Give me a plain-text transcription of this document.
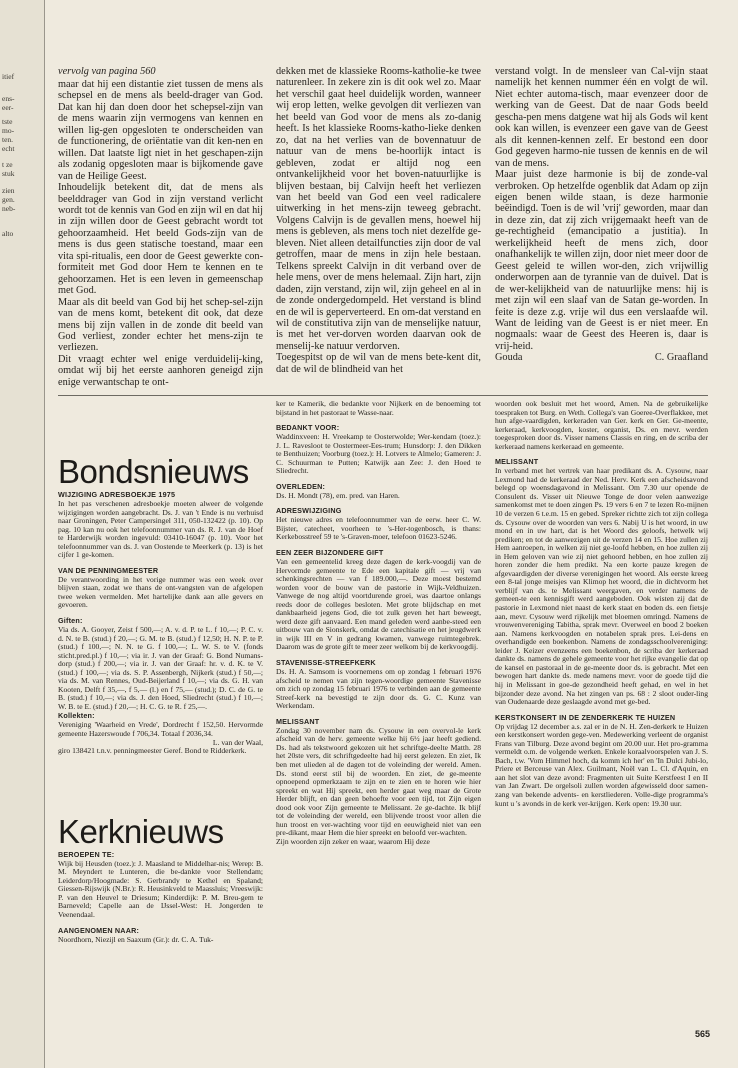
itief
ens-
eer-
tste
mo-
ten.
echt
t ze
stuk
zien
gen.
neb-
alto
vervolg van pagina 560

maar dat hij een distantie ziet tussen de mens als schepsel en de mens als beeld-drager van God. Dat kan hij dan doen door het schepsel-zijn van de mens waarin zijn vermogens van kennen en willen lig-gen opgesloten te onderscheiden van de functionering, de oriëntatie van dit ken-nen en willen. Dat laatste ligt niet in het geschapen-zijn als zodanig opgesloten maar is bijkomende gave van de Heilige Geest.

Inhoudelijk betekent dit, dat de mens als beelddrager van God in zijn verstand verlicht wordt tot de kennis van God en zijn wil en dat hij in zijn willen door de Geest gebracht wordt tot gehoorzaamheid. Het beeld Gods-zijn van de mens is dus geen statische toestand, maar een vita spi-ritualis, een door de Geest gewerkte con-formiteit met God door Hem te kennen en te gehoorzamen. Het is een leven in gemeenschap met God.

Maar als dit beeld van God bij het schep-sel-zijn van de mens komt, betekent dit ook, dat deze mens bij zijn vallen in de zonde dit beeld van God verliest, zonder echter het mens-zijn te verliezen.

Dit vraagt echter wel enige verduidelij-king, omdat wij bij het eerste aanhoren geneigd zijn enige verwantschap te ont-

dekken met de klassieke Rooms-katholie-ke twee naturenleer. In zekere zin is dit ook wel zo. Maar het verschil gaat heel duidelijk worden, wanneer wij erop letten, welke gevolgen dit verliezen van het beeld van God voor de mens als zo-danig heeft. Is het klassieke Rooms-katho-lieke denken zo, dat na het verlies van de bovennatuur de natuur van de mens be-hoorlijk intact is gebleven, zodat er altijd nog een ontvankelijkheid voor het boven-natuurlijke is blijven bestaan, bij Calvijn heeft het verliezen van het beeld van God een veel radicalere uitwerking in het mens-zijn teweeg gebracht. Volgens Calvijn is de gevallen mens, hoewel hij mens is gebleven, als mens toch niet dezelfde ge-bleven. Niet alleen detailfuncties zijn door de val getroffen, maar de mens in zijn hele bestaan. Telkens spreekt Calvijn in dit verband over de hele mens, over de mens helemaal. Zijn hart, zijn daden, zijn verstand, zijn wil, zijn geheel en al in de zonde ondergedompeld. Het verstand is blind en de wil is geperverteerd. En om-dat verstand en wil de constitutiva zijn van de menselijke natuur, is met het ver-dorven worden daarvan ook de menselij-ke natuur verdorven.

Toegespitst op de wil van de mens bete-kent dit, dat de wil de blindheid van het

verstand volgt. In de mensleer van Cal-vijn staat namelijk het kennen nummer één en volgt de wil. Niet echter automa-tisch, maar evenzeer door de werking van de Geest. Dat de naar Gods beeld gescha-pen mens datgene wat hij als Gods wil kent ook kan willen, is evenzeer een gave van de Geest als dit kennen-kennen zelf. Er bestond een door God gegeven harmo-nie tussen de kennis en de wil van de mens.

Maar juist deze harmonie is bij de zonde-val verbroken. Op hetzelfde ogenblik dat Adam op zijn eigen benen wilde staan, is deze harmonie beëindigd. Toen is de wil 'vrij' geworden, maar dan in deze zin, dat zij zich vrijgemaakt heeft van de ge-rechtigheid (emancipatio a justitia). In werkelijkheid heeft de mens zich, door onafhankelijk te willen zijn, door niet meer door de Geest geleid te willen wor-den, zich vrijwillig onderworpen aan de tyrannie van de duivel. Dat is de wer-kelijkheid van de natuurlijke mens: hij is met zijn wil een slaaf van de Satan ge-worden. In feite is deze z.g. vrije wil dus een verslaafde wil. Want de leiding van de Geest is er niet meer. En nogmaals: waar de Geest des Heeren is, daar is vrij-heid.

Gouda	C. Graafland
Bondsnieuws
WIJZIGING ADRESBOEKJE 1975

In het pas verschenen adresboekje moeten alweer de volgende wijzigingen worden aangebracht. Ds. J. van 't Ende is nu verhuisd naar Groningen, Peter Campersingel 311, 050-132422 (p. 10). Op pag. 10 kan nu ook het telefoonnummer van ds. R. J. van de Hoef te Harderwijk worden ingevuld: 03410-16047 (p. 10). Voor het telefoonnummer van ds. J. van Oostende te Meerkerk (p. 13) is het cijfer 1 ge-komen.

VAN DE PENNINGMEESTER

De verantwoording in het vorige nummer was een week over blijven staan, zodat we thans de ont-vangsten van de afgelopen twee weken vermelden. Met hartelijke dank aan alle gevers en gevoeren.

Giften:

Via ds. A. Gooyer, Zeist f 500,—; A. v. d. P. te L. f 10,—; P. C. v. d. N. te B. (stud.) f 20,—; G. M. te B. (stud.) f 12,50; H. N. P. te P. (stud.) f 100,—; N. N. te G. f 100,—; L. W. S. te V. (fonds sticht.pred.pl.) f 10,—; via ir. J. van der Graaf: G. Bond Numans-dorp (stud.) f 200,—; via ir. J. van der Graaf: hr. v. d. K. te V. (stud.) f 100,—; via ds. S. P. Assenbergh, Nijkerk (stud.) f 50,—; via ds. M. van Rennes, Oud-Beijerland f 10,—; via ds. G. H. van Kooten, Delft f 35,—, f 5,— (l.) en f 75,— (stud.); D. C. de G. te B. (stud.) f 10,—; via ds. J. den Hoed, Sliedrecht (stud.) f 10,—; W. B. te E. (stud.) f 20,—; H. C. G. te R. f 25,—.

Kollekten:

Vereniging 'Waarheid en Vrede', Dordrecht f 152,50. Hervormde gemeente Hazerswoude f 706,34. Totaal f 2036,34.

L. van der Waal,

giro 138421 t.n.v. penningmeester Geref. Bond te Ridderkerk.

Kerknieuws
BEROEPEN TE:

Wijk bij Heusden (toez.): J. Maasland te Middelhar-nis; Werep: B. M. Meyndert te Lunteren, die be-dankte voor Stellendam; Leiderdorp/Hoogmade: S. Gerbrandy te Kethel en Spaland; Giessen-Rijswijk (N.Br.): R. Heusinkveld te Maassluis; Vreeswijk: P. van den Heuvel te Driesum; Kinderdijk: P. M. Breu-gem te Barneveld; Capelle aan de IJssel-West: H. Jongerden te Veenendaal.

AANGENOMEN NAAR:

Noordhorn, Niezijl en Saaxum (Gr.): dr. C. A. Tuk-

ker te Kamerik, die bedankte voor Nijkerk en de benoeming tot bijstand in het pastoraat te Wasse-naar.

BEDANKT VOOR:

Waddinxveen: H. Vreekamp te Oosterwolde; Wer-kendam (toez.): J. L. Ravesloot te Oostermeer-Ees-trum; Hunsdorp: J. den Dikken te Benthuizen; Voorburg (toez.): H. Lotvers te Almelo; Gameren: J. C. Schuurman te Putten; Katwijk aan Zee: J. den Hoed te Sliedrecht.

OVERLEDEN:

Ds. H. Mondt (78), em. pred. van Haren.

ADRESWIJZIGING

Het nieuwe adres en telefoonnummer van de eerw. heer C. W. Bijster, catecheet, voorheen te 's-Her-togenbosch, is thans: Kerkebosstreef 59 te 's-Graven-moer, telefoon 01623-5246.

EEN ZEER BIJZONDERE GIFT

Van een gemeentelid kreeg deze dagen de kerk-voogdij van de Hervormde gemeente te Ede een kapitale gift — vrij van schenkingsrechten — van f 189.000,—. Deze moest bestemd worden voor de bouw van de pastorie in Wijk-Veldhuizen. Vanwege de nog altijd voortdurende groei, was daartoe onlangs reeds door de colleges besloten. Met grote blijdschap en met dankbaarheid jegens God, die tot zulk geven het hart beweegt, werd deze gift aanvaard. Een mand geleden werd aanbe-steed een uitbouw van de Sionskerk, omdat de catechisatie en het jeugdwerk in wijk III en V in gedrang kwamen, vanwege ruimtegebrek. Daarom was de grote gift te meer zeer welkom bij de kerkvoogdij.

STAVENISSE-STREEFKERK

Ds. H. A. Samsom is voornemens om op zondag 1 februari 1976 afscheid te nemen van zijn tegen-woordige gemeente Stavenisse om zich op zondag 15 februari 1976 te verbinden aan de gemeente Streef-kerk na bevestigd te zijn door ds. G. C. Kunz van Werkendam.

MELISSANT

Zondag 30 november nam ds. Cysouw in een overvol-le kerk afscheid van de herv. gemeente welke hij 6½ jaar heeft gediend. Ds. had als tekstwoord gekozen uit het schriftge-deelte Matth. 28 het 20ste vers, dit schriftgedeelte had hij eerst gelezen. En ziet, Ik ben met ulieden al de dagen tot de voleinding der wereld. Amen. Ds. stond eerst stil bij de woorden. En ziet, de ge-meente opnoepend opmerkzaam te zijn en te zien en te horen wie hier spreekt en wat Hij spreekt, een herder gaat weg maar de Grote Herder blijft, en dan geen behoefte voor een tijd, tot Zijn eigen dood ook voor Zijn gemeente te Melissant. 2e ge-dachte. Ik blijf tot de voleinding der wereld, een blijvende troost voor allen die hun troost en ver-wachting voor tijd en eeuwigheid niet van een pre-dikant, maar Hem die hier spreekt en beloofd ver-wachten.

Zijn woorden zijn zeker en waar, waarom Hij deze

woorden ook besluit met het woord, Amen. Na de gebruikelijke toespraken tot Burg. en Weth. Collega's van Goeree-Overflakkee, met hun afge-vaardigden, kerkeraden van Ger. kerk en Ger. Ge-meente, kerkeraad, kerkvoogden, koster, organist, Ds. en mevr. werden toegesproken door ds. Visser namens Classis en ring, en de scriba der kerkeraad namens kerkeraad en gemeente.

MELISSANT

In verband met het vertrek van haar predikant ds. A. Cysouw, naar Lexmond had de kerkeraad der Ned. Herv. Kerk een afscheidsavond belegd op woensdagavond in Melissant. Om 7.30 uur opende de Consulent ds. Visser uit Nieuwe Tonge de door velen aanwezige samenkomst met te doen zingen Ps. 19 vers 6 en 7 te lezen Ro-mijnen 10 de verzen 6 t.e.m. 15 en gebed. Spreker richtte zich tot zijn collega ds. Cysouw over de woorden van vers 6. Nabij U is het woord, in uw mond en in uw hart, dat is het Woord des geloofs, hetwelk wij prediken; en tot de aanwezigen uit de verzen 14 en 15. Hoe zullen zij Hem aanroepen, in welken zij niet ge-loofd hebben, en hoe zullen zij in Hem geloven van wie zij niet gehoord hebben, en hoe zullen zij horen zonder die hem predikt. Na een korte pauze kregen de afgevaardigden der diverse verenigingen het woord. Als eerste kreeg een 8-tal jonge meisjes van Klimop het woord, die in dichtvorm het verblijf van ds. te Melissant weergaven, en verder namens de gemeen-te een kennisgift werd aangeboden. Ook wisten zij dat de pastorie in Lexmond niet naast de kerk staat en boden ds. een fietsje aan, mevr. Cysouw werd rijkelijk met bloemen omringd. Namens de vrouwenvereniging Tabitha, sprak mevr. Overweel en bood 2 boeken aan. Namens kerkvoogden en notabelen sprak pres. Lei-dens en overhandigde een boekenbon. Namens de zondagsschoolvereniging: leider J. Keizer evenzeens een boekenbon, de scriba der kerkeraad dankte ds. namens de gehele gemeente voor het rijke evangelie dat op de kansel en pastoraal in de ge-meente door ds. is gebracht. Met een bewogen hart dankte ds. mede namens mevr. voor de goede tijd die hij in Melissant in goe-de gezondheid heeft gehad, en wel in het bijzonder deze avond. Na het zingen van ps. 68 : 2 sloot ouder-ling van Oudenaarde deze geslaagde avond met ge-bed.

KERSTKONSERT IN DE ZENDERKERK TE HUIZEN

Op vrijdag 12 december a.s. zal er in de N. H. Zen-derkerk te Huizen een kerstkonsert worden gege-ven. Medewerking verleent de organist Frans van Tilburg. Deze avond begint om 20.00 uur. Het pro-gramma vermeldt o.m. de volgende werken. Enkele koraalvoorspelen van J. S. Bach, t.w. 'Vom Himmel hoch, da komm ich her' en 'In Dulci Jubi-lo, Priere et Berceuse van Alex. Guilmant, Noël van L. Cl. d'Aquin, en aan het slot van deze avond: Fragmenten uit Suite Kerstfeest I en II van Jan Zwart. De orgelsoli zullen worden afgewisseld door samen-zang van bekende advents- en kerstliederen. Volle-dige programma's kunt u 's avonds in de kerk ver-krijgen. Kerk open: 19.30 uur.

565
